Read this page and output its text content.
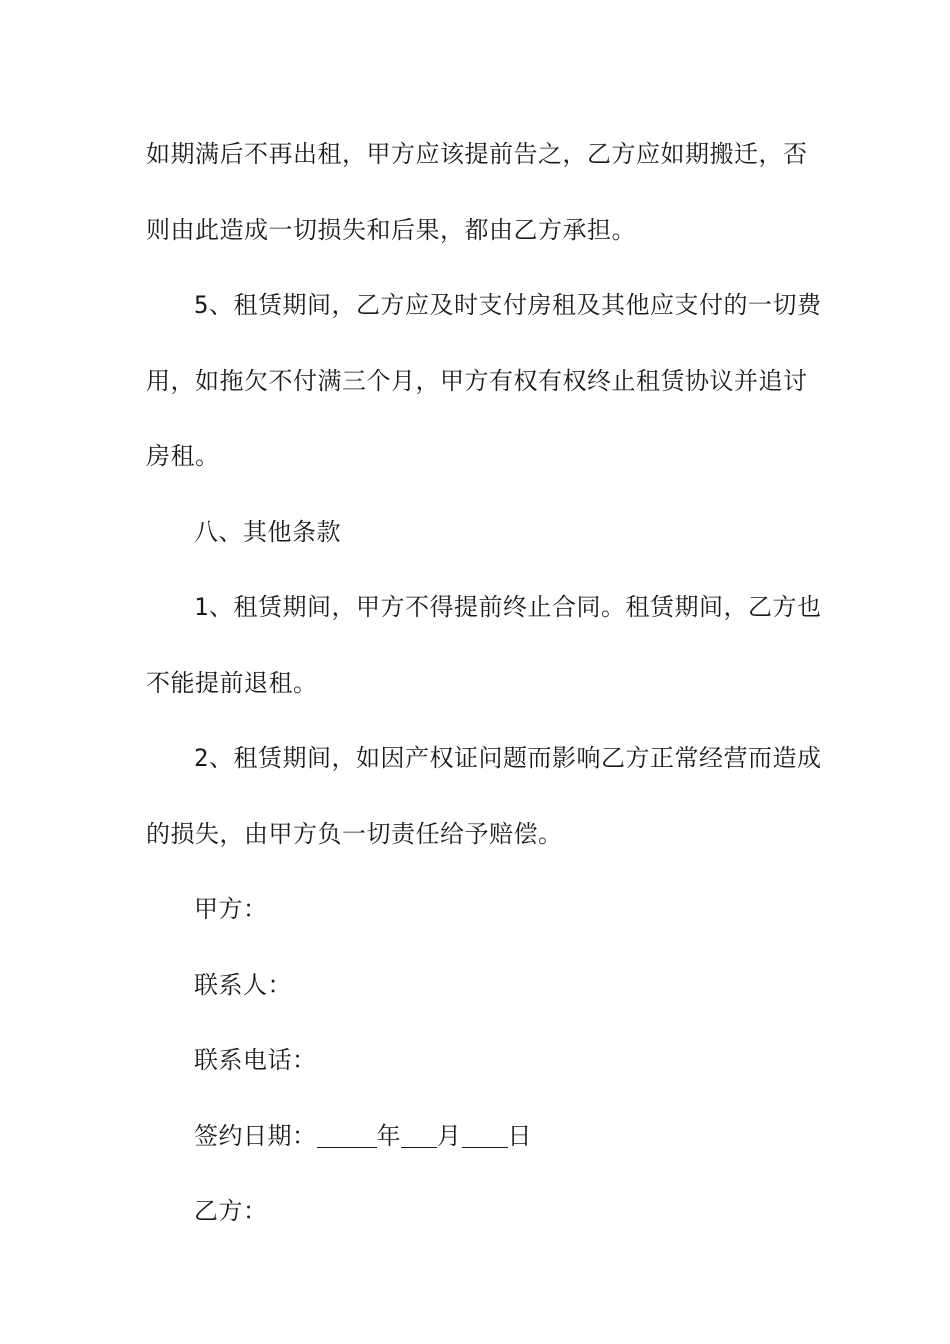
如期满后不再出租，甲方应该提前告之，乙方应如期搬迁，否
则由此造成一切损失和后果，都由乙方承担。
5、租赁期间，乙方应及时支付房租及其他应支付的一切费
用，如拖欠不付满三个月，甲方有权有权终止租赁协议并追讨
房租。
八、其他条款
1、租赁期间，甲方不得提前终止合同。租赁期间，乙方也
不能提前退租。
2、租赁期间，如因产权证问题而影响乙方正常经营而造成
的损失，由甲方负一切责任给予赔偿。
甲方：
联系人：
联系电话：
签约日期：	年 月 日
乙方：
